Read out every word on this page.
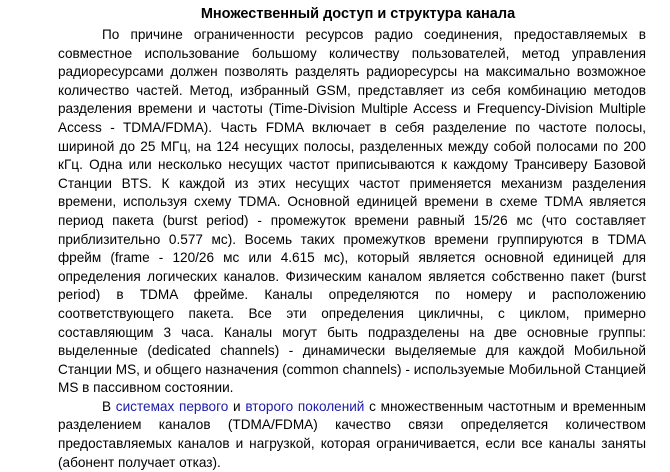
Множественный доступ и структура канала

По причине ограниченности ресурсов радио соединения, предоставляемых в совместное использование большому количеству пользователей, метод управления радиоресурсами должен позволять разделять радиоресурсы на максимально возможное количество частей. Метод, избранный GSM, представляет из себя комбинацию методов разделения времени и частоты (Time-Division Multiple Access и Frequency-Division Multiple Access - TDMA/FDMA). Часть FDMA включает в себя разделение по частоте полосы, шириной до 25 МГц, на 124 несущих полосы, разделенных между собой полосами по 200 кГц. Одна или несколько несущих частот приписываются к каждому Трансиверу Базовой Станции BTS. К каждой из этих несущих частот применяется механизм разделения времени, используя схему TDMA. Основной единицей времени в схеме TDMA является период пакета (burst period) - промежуток времени равный 15/26 мс (что составляет приблизительно 0.577 мс). Восемь таких промежутков времени группируются в TDMA фрейм (frame - 120/26 мс или 4.615 мс), который является основной единицей для определения логических каналов. Физическим каналом является собственно пакет (burst period) в TDMA фрейме. Каналы определяются по номеру и расположению соответствующего пакета. Все эти определения цикличны, с циклом, примерно составляющим 3 часа. Каналы могут быть подразделены на две основные группы: выделенные (dedicated channels) - динамически выделяемые для каждой Мобильной Станции MS, и общего назначения (common channels) - используемые Мобильной Станцией MS в пассивном состоянии.

В системах первого и второго поколений с множественным частотным и временным разделением каналов (TDMA/FDMA) качество связи определяется количеством предоставляемых каналов и нагрузкой, которая ограничивается, если все каналы заняты (абонент получает отказ).
